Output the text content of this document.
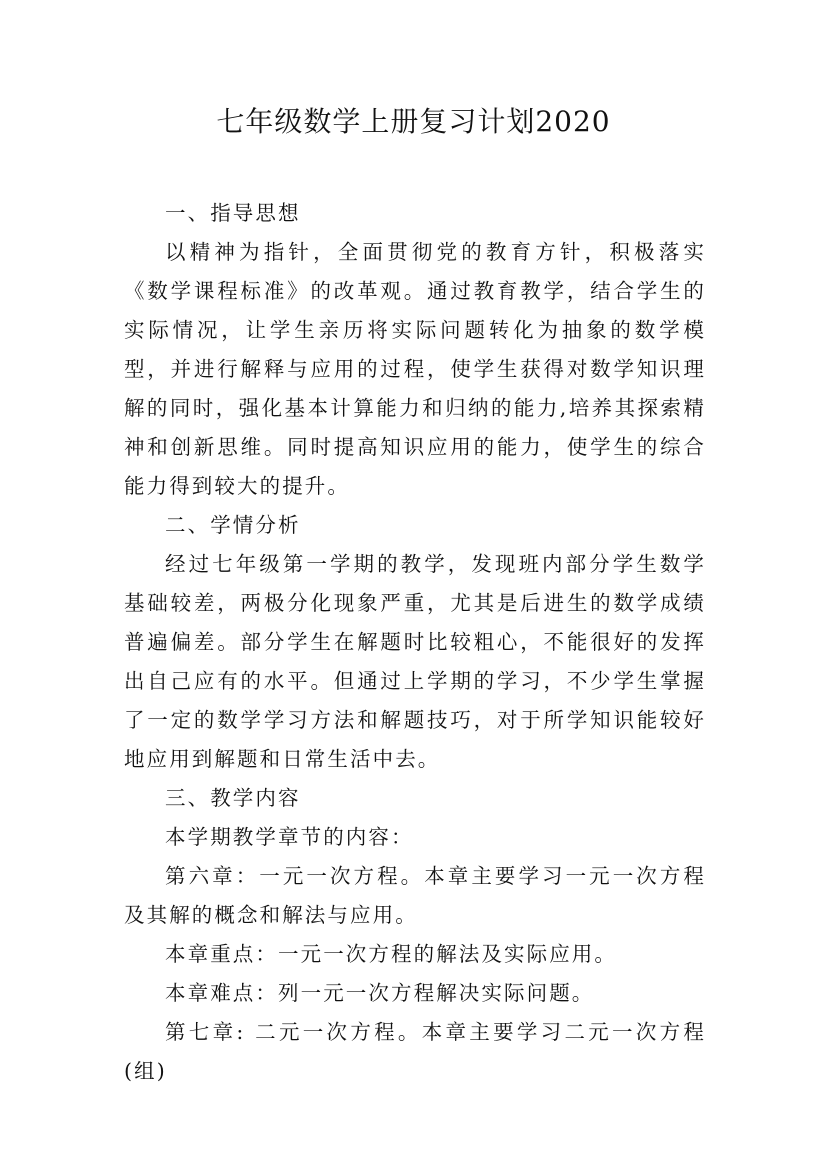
七年级数学上册复习计划2020

一、指导思想

以精神为指针，全面贯彻党的教育方针，积极落实《数学课程标准》的改革观。通过教育教学，结合学生的实际情况，让学生亲历将实际问题转化为抽象的数学模型，并进行解释与应用的过程，使学生获得对数学知识理解的同时，强化基本计算能力和归纳的能力,培养其探索精神和创新思维。同时提高知识应用的能力，使学生的综合能力得到较大的提升。

二、学情分析

经过七年级第一学期的教学，发现班内部分学生数学基础较差，两极分化现象严重，尤其是后进生的数学成绩普遍偏差。部分学生在解题时比较粗心，不能很好的发挥出自己应有的水平。但通过上学期的学习，不少学生掌握了一定的数学学习方法和解题技巧，对于所学知识能较好地应用到解题和日常生活中去。

三、教学内容

本学期教学章节的内容：

第六章：一元一次方程。本章主要学习一元一次方程及其解的概念和解法与应用。

本章重点：一元一次方程的解法及实际应用。

本章难点：列一元一次方程解决实际问题。

第七章: 二元一次方程。本章主要学习二元一次方程(组)
